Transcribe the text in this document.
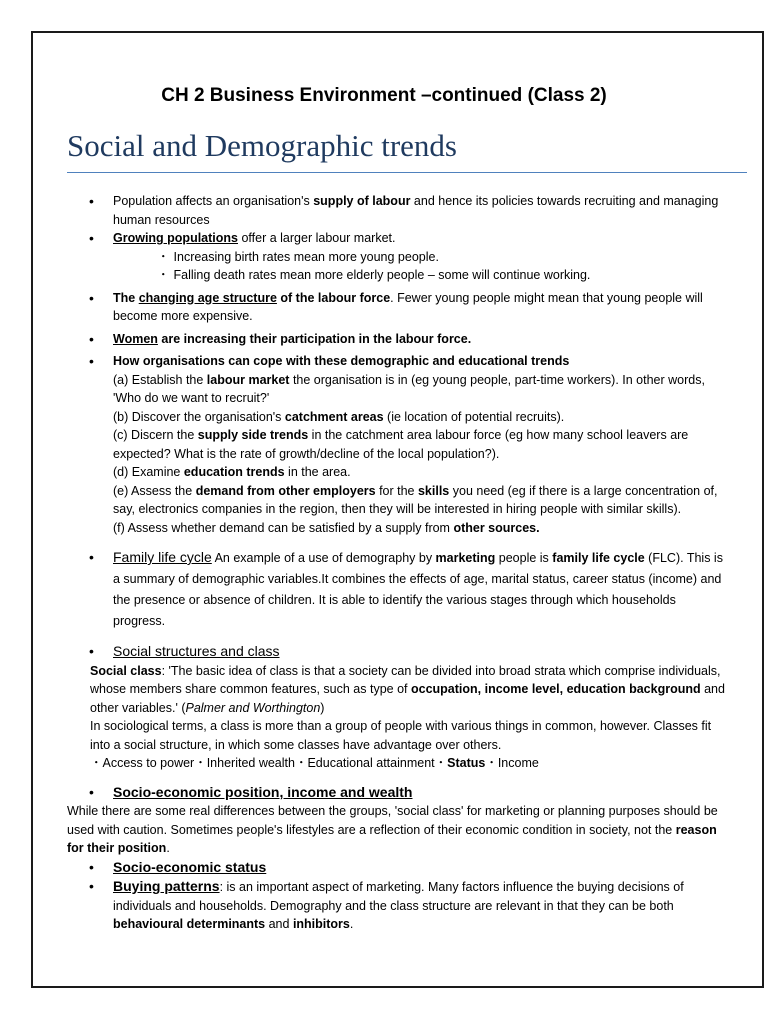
CH 2 Business Environment –continued (Class 2)
Social and Demographic trends
• Population affects an organisation's supply of labour and hence its policies towards recruiting and managing human resources
• Growing populations offer a larger labour market.
・ Increasing birth rates mean more young people.
・ Falling death rates mean more elderly people – some will continue working.
• The changing age structure of the labour force. Fewer young people might mean that young people will become more expensive.
• Women are increasing their participation in the labour force.
• How organisations can cope with these demographic and educational trends
(a) Establish the labour market the organisation is in (eg young people, part-time workers). In other words, 'Who do we want to recruit?'
(b) Discover the organisation's catchment areas (ie location of potential recruits).
(c) Discern the supply side trends in the catchment area labour force (eg how many school leavers are expected? What is the rate of growth/decline of the local population?).
(d) Examine education trends in the area.
(e) Assess the demand from other employers for the skills you need (eg if there is a large concentration of, say, electronics companies in the region, then they will be interested in hiring people with similar skills).
(f) Assess whether demand can be satisfied by a supply from other sources.
• Family life cycle An example of a use of demography by marketing people is family life cycle (FLC). This is a summary of demographic variables.It combines the effects of age, marital status, career status (income) and the presence or absence of children. It is able to identify the various stages through which households progress.
• Social structures and class
Social class: 'The basic idea of class is that a society can be divided into broad strata which comprise individuals, whose members share common features, such as type of occupation, income level, education background and other variables.' (Palmer and Worthington)
In sociological terms, a class is more than a group of people with various things in common, however. Classes fit into a social structure, in which some classes have advantage over others.
・Access to power・Inherited wealth・Educational attainment・Status・Income
• Socio-economic position, income and wealth
While there are some real differences between the groups, 'social class' for marketing or planning purposes should be used with caution. Sometimes people's lifestyles are a reflection of their economic condition in society, not the reason for their position.
• Socio-economic status
• Buying patterns: is an important aspect of marketing. Many factors influence the buying decisions of individuals and households. Demography and the class structure are relevant in that they can be both behavioural determinants and inhibitors.
